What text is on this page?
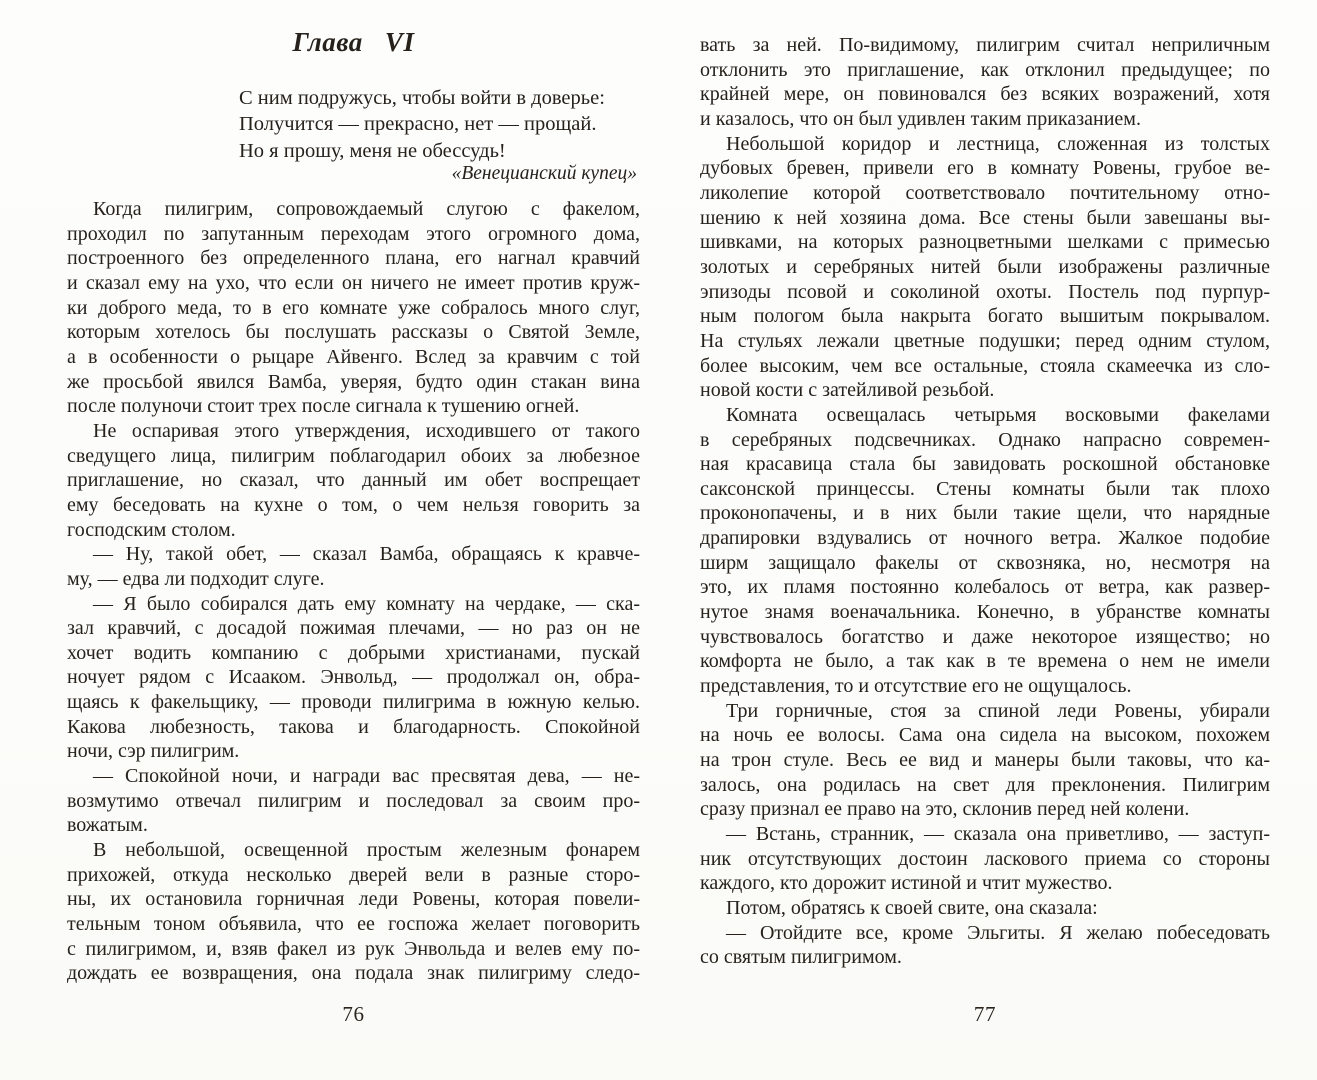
Глава VI
С ним подружусь, чтобы войти в доверье:
Получится — прекрасно, нет — прощай.
Но я прошу, меня не обессудь!
«Венецианский купец»
Когда пилигрим, сопровождаемый слугою с факелом,
проходил по запутанным переходам этого огромного дома,
построенного без определенного плана, его нагнал кравчий
и сказал ему на ухо, что если он ничего не имеет против круж-
ки доброго меда, то в его комнате уже собралось много слуг,
которым хотелось бы послушать рассказы о Святой Земле,
а в особенности о рыцаре Айвенго. Вслед за кравчим с той
же просьбой явился Вамба, уверяя, будто один стакан вина
после полуночи стоит трех после сигнала к тушению огней.
Не оспаривая этого утверждения, исходившего от такого
сведущего лица, пилигрим поблагодарил обоих за любезное
приглашение, но сказал, что данный им обет воспрещает
ему беседовать на кухне о том, о чем нельзя говорить за
господским столом.
— Ну, такой обет, — сказал Вамба, обращаясь к кравче-
му, — едва ли подходит слуге.
— Я было собирался дать ему комнату на чердаке, — ска-
зал кравчий, с досадой пожимая плечами, — но раз он не
хочет водить компанию с добрыми христианами, пускай
ночует рядом с Исааком. Энвольд, — продолжал он, обра-
щаясь к факельщику, — проводи пилигрима в южную келью.
Какова любезность, такова и благодарность. Спокойной
ночи, сэр пилигрим.
— Спокойной ночи, и награди вас пресвятая дева, — не-
возмутимо отвечал пилигрим и последовал за своим про-
вожатым.
В небольшой, освещенной простым железным фонарем
прихожей, откуда несколько дверей вели в разные сторо-
ны, их остановила горничная леди Ровены, которая повели-
тельным тоном объявила, что ее госпожа желает поговорить
с пилигримом, и, взяв факел из рук Энвольда и велев ему по-
дождать ее возвращения, она подала знак пилигриму следо-
76
вать за ней. По-видимому, пилигрим считал неприличным
отклонить это приглашение, как отклонил предыдущее; по
крайней мере, он повиновался без всяких возражений, хотя
и казалось, что он был удивлен таким приказанием.
Небольшой коридор и лестница, сложенная из толстых
дубовых бревен, привели его в комнату Ровены, грубое ве-
ликолепие которой соответствовало почтительному отно-
шению к ней хозяина дома. Все стены были завешаны вы-
шивками, на которых разноцветными шелками с примесью
золотых и серебряных нитей были изображены различные
эпизоды псовой и соколиной охоты. Постель под пурпур-
ным пологом была накрыта богато вышитым покрывалом.
На стульях лежали цветные подушки; перед одним стулом,
более высоким, чем все остальные, стояла скамеечка из сло-
новой кости с затейливой резьбой.
Комната освещалась четырьмя восковыми факелами
в серебряных подсвечниках. Однако напрасно современ-
ная красавица стала бы завидовать роскошной обстановке
саксонской принцессы. Стены комнаты были так плохо
проконопачены, и в них были такие щели, что нарядные
драпировки вздувались от ночного ветра. Жалкое подобие
ширм защищало факелы от сквозняка, но, несмотря на
это, их пламя постоянно колебалось от ветра, как развер-
нутое знамя военачальника. Конечно, в убранстве комнаты
чувствовалось богатство и даже некоторое изящество; но
комфорта не было, а так как в те времена о нем не имели
представления, то и отсутствие его не ощущалось.
Три горничные, стоя за спиной леди Ровены, убирали
на ночь ее волосы. Сама она сидела на высоком, похожем
на трон стуле. Весь ее вид и манеры были таковы, что ка-
залось, она родилась на свет для преклонения. Пилигрим
сразу признал ее право на это, склонив перед ней колени.
— Встань, странник, — сказала она приветливо, — заступ-
ник отсутствующих достоин ласкового приема со стороны
каждого, кто дорожит истиной и чтит мужество.
Потом, обратясь к своей свите, она сказала:
— Отойдите все, кроме Эльгиты. Я желаю побеседовать
со святым пилигримом.
77
